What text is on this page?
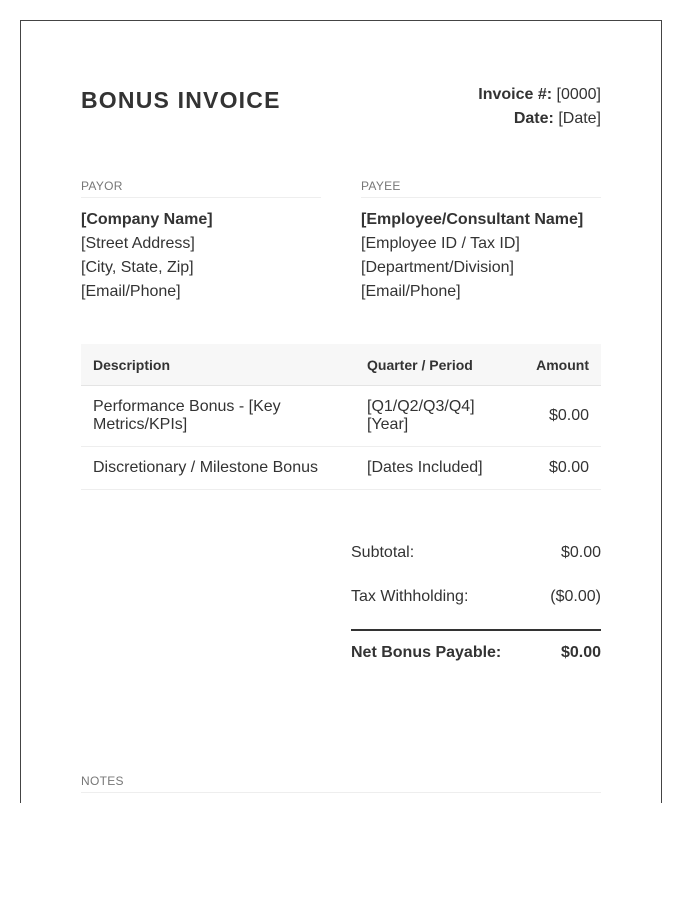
BONUS INVOICE	Invoice #: [0000]
Date: [Date]
PAYOR
[Company Name]
[Street Address]
[City, State, Zip]
[Email/Phone]
PAYEE
[Employee/Consultant Name]
[Employee ID / Tax ID]
[Department/Division]
[Email/Phone]
Description	Quarter / Period	Amount
Performance Bonus - [Key Metrics/KPIs]	[Q1/Q2/Q3/Q4] [Year]	$0.00
Discretionary / Milestone Bonus	[Dates Included]	$0.00
Subtotal:	$0.00
Tax Withholding:	($0.00)
Net Bonus Payable:	$0.00
NOTES
